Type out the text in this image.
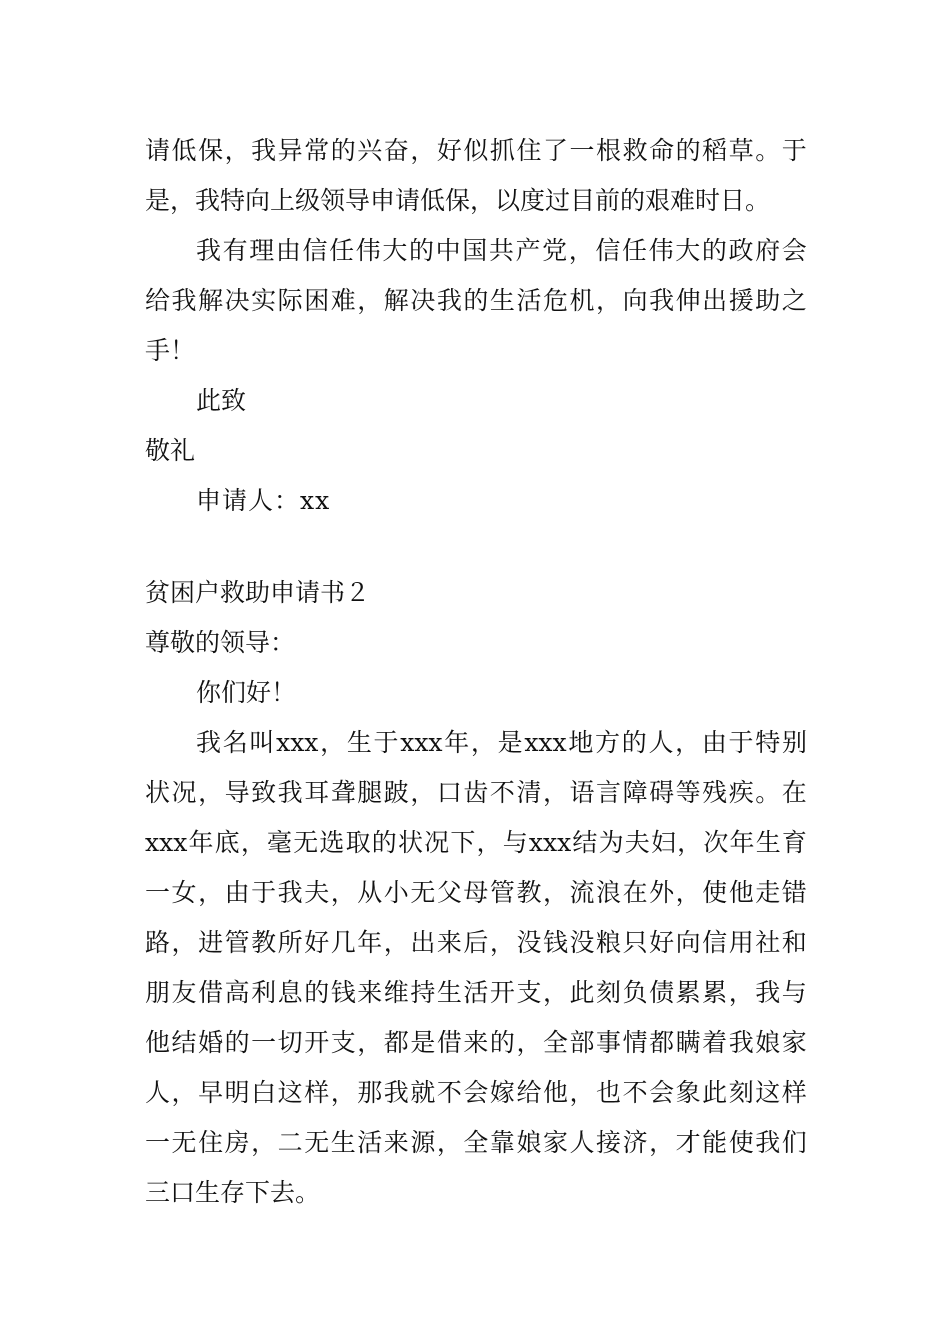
请 低 保 ， 我 异 常 的 兴 奋 ， 好 似 抓 住 了 一 根 救 命 的 稻 草 。 于
是，我特向上级领导申请低保，以度过目前的艰难时日。
我 有 理 由 信 任 伟 大 的 中 国 共 产 党 ， 信 任 伟 大 的 政 府 会
给 我 解 决 实 际 困 难 ， 解 决 我 的 生 活 危 机 ， 向 我 伸 出 援 助 之
手！
此致
敬礼
申请人：xx
贫困户救助申请书２
尊敬的领导：
你们好！
我 名 叫 xxx ， 生 于 xxx 年 ， 是 xxx 地 方 的 人 ， 由 于 特 别
状 况 ， 导 致 我 耳 聋 腿 跛 ， 口 齿 不 清 ， 语 言 障 碍 等 残 疾 。 在
xxx 年 底 ， 毫 无 选 取 的 状 况 下 ， 与 xxx 结 为 夫 妇 ， 次 年 生 育
一 女 ， 由 于 我 夫 ， 从 小 无 父 母 管 教 ， 流 浪 在 外 ， 使 他 走 错
路 ， 进 管 教 所 好 几 年 ， 出 来 后 ， 没 钱 没 粮 只 好 向 信 用 社 和
朋 友 借 高 利 息 的 钱 来 维 持 生 活 开 支 ， 此 刻 负 债 累 累 ， 我 与
他 结 婚 的 一 切 开 支 ， 都 是 借 来 的 ， 全 部 事 情 都 瞒 着 我 娘 家
人 ， 早 明 白 这 样 ， 那 我 就 不 会 嫁 给 他 ， 也 不 会 象 此 刻 这 样
一 无 住 房 ， 二 无 生 活 来 源 ， 全 靠 娘 家 人 接 济 ， 才 能 使 我 们
三口生存下去。
